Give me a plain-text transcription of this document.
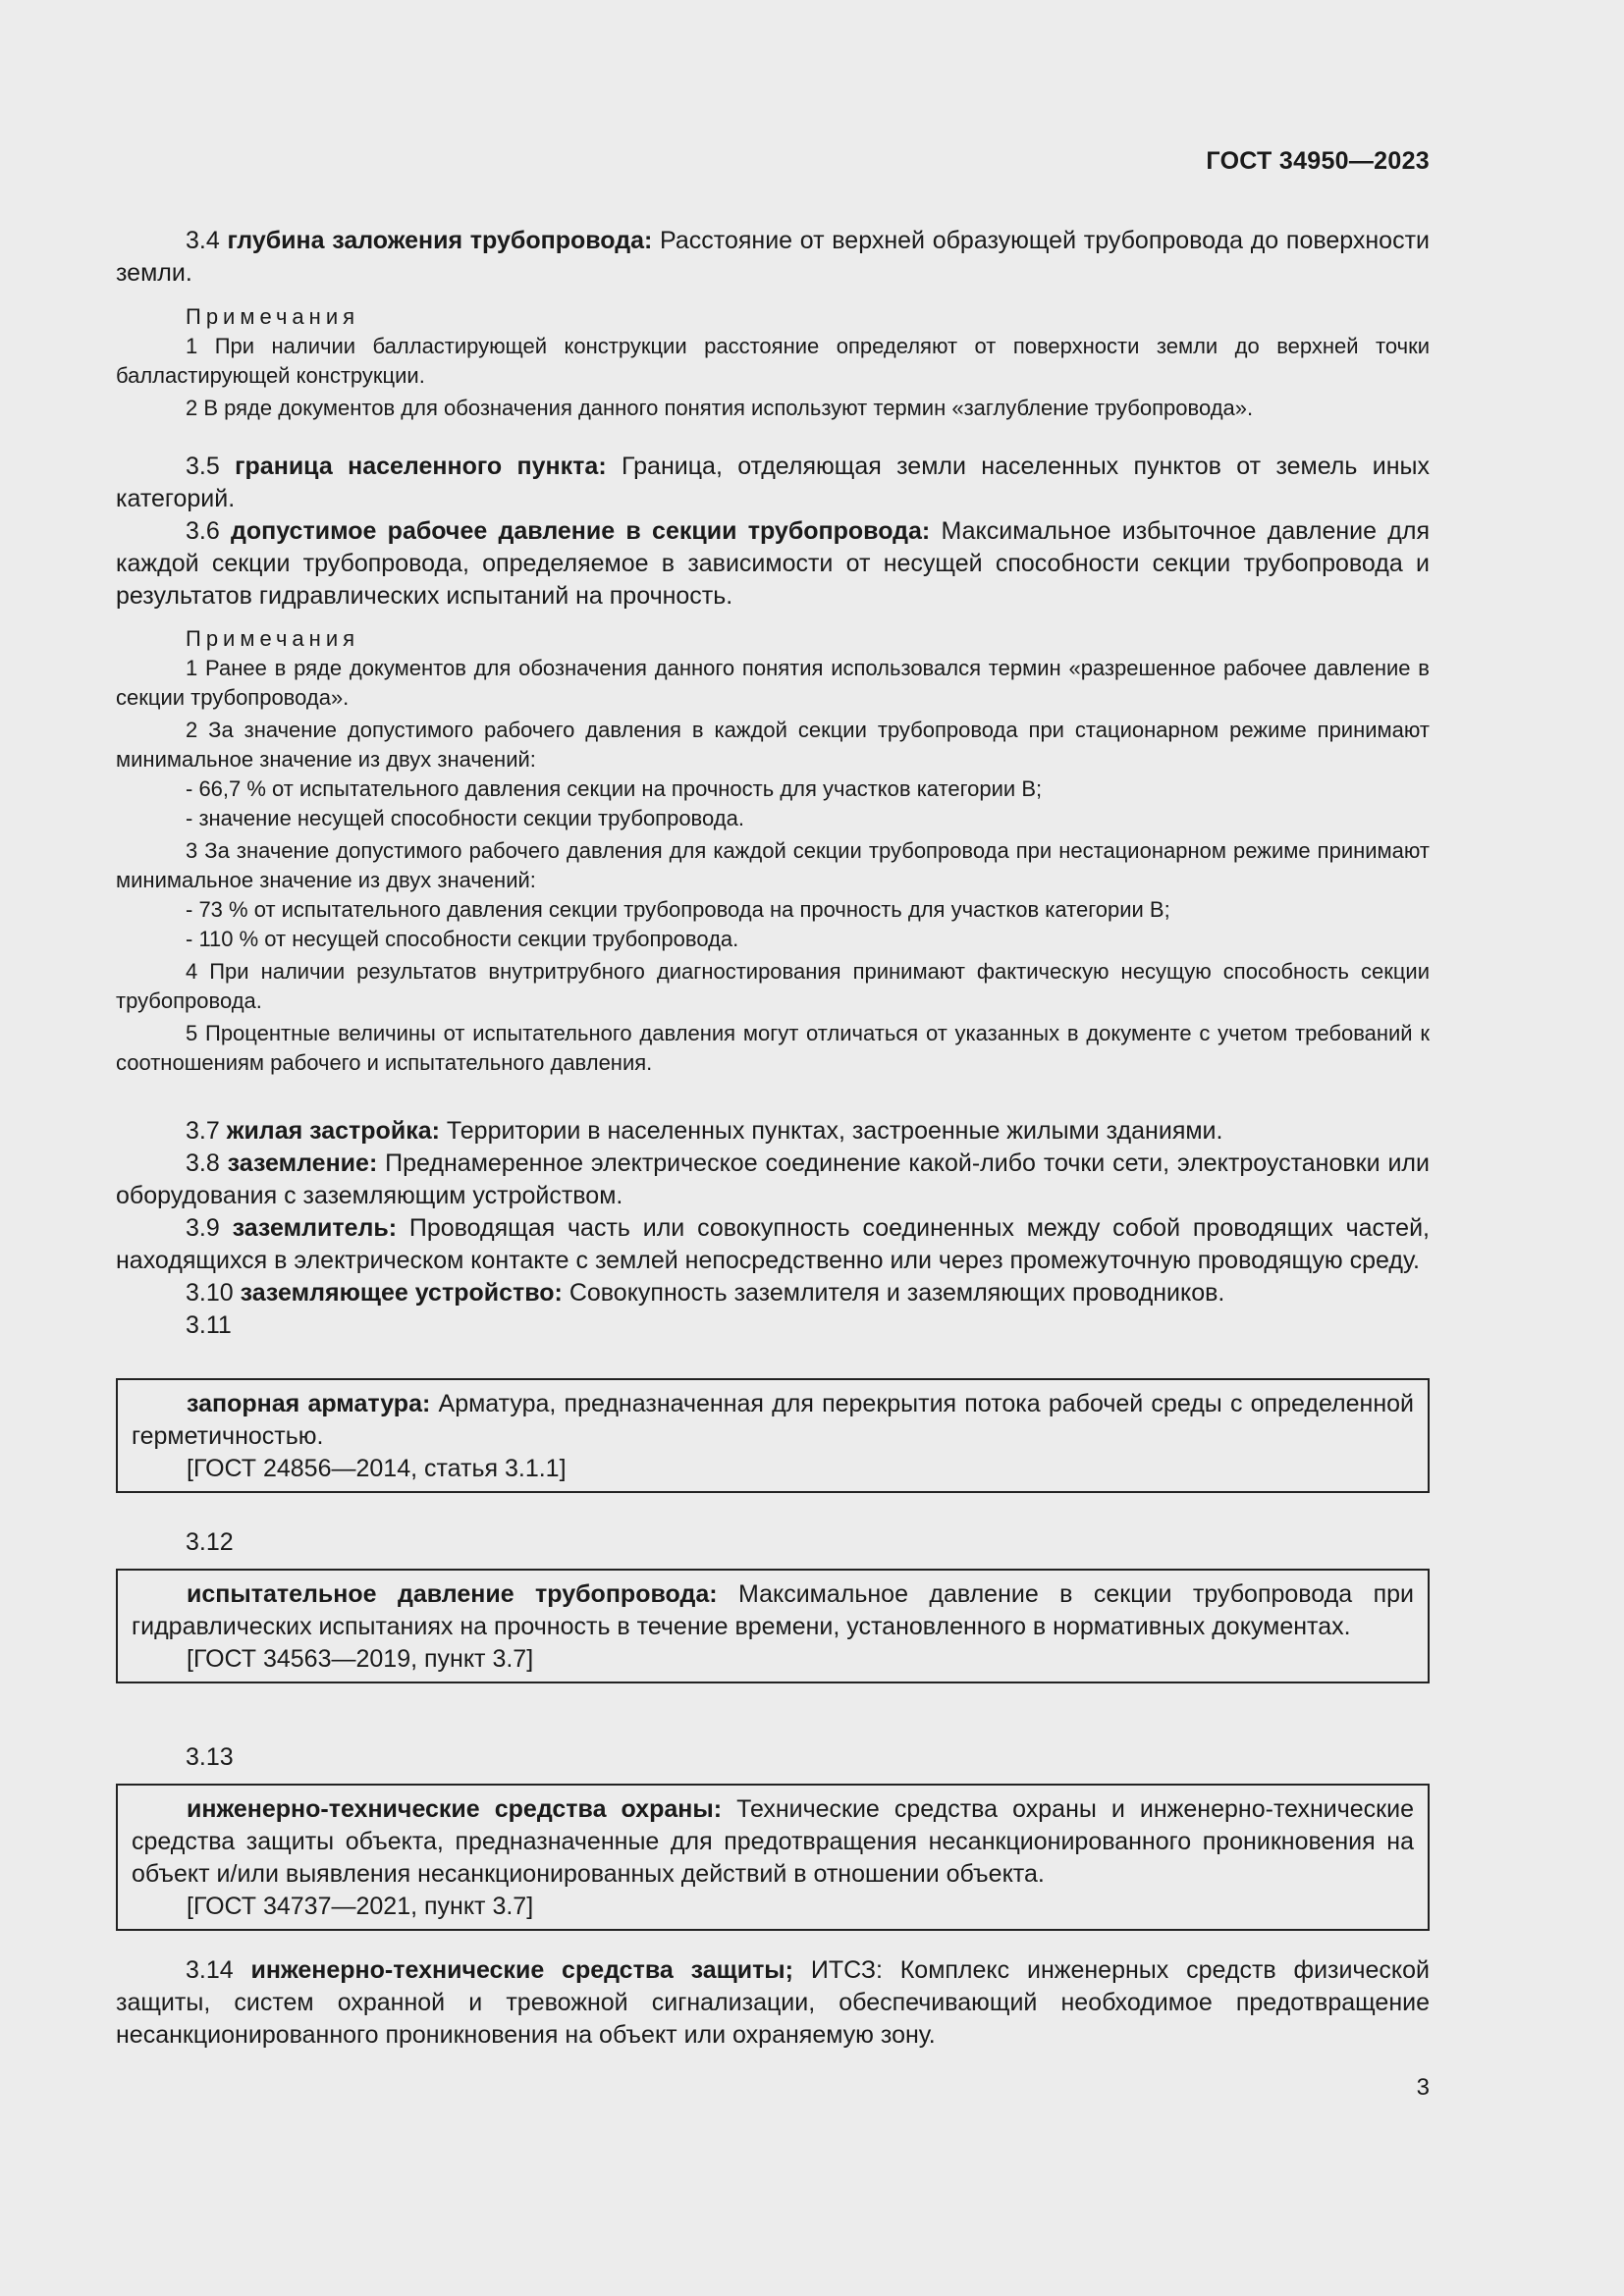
ГОСТ 34950—2023

3.4 глубина заложения трубопровода: Расстояние от верхней образующей трубопровода до поверхности земли.

Примечания

1 При наличии балластирующей конструкции расстояние определяют от поверхности земли до верхней точки балластирующей конструкции.

2 В ряде документов для обозначения данного понятия используют термин «заглубление трубопровода».

3.5 граница населенного пункта: Граница, отделяющая земли населенных пунктов от земель иных категорий.

3.6 допустимое рабочее давление в секции трубопровода: Максимальное избыточное давление для каждой секции трубопровода, определяемое в зависимости от несущей способности секции трубопровода и результатов гидравлических испытаний на прочность.

Примечания

1 Ранее в ряде документов для обозначения данного понятия использовался термин «разрешенное рабочее давление в секции трубопровода».

2 За значение допустимого рабочего давления в каждой секции трубопровода при стационарном режиме принимают минимальное значение из двух значений:

- 66,7 % от испытательного давления секции на прочность для участков категории В;

- значение несущей способности секции трубопровода.

3 За значение допустимого рабочего давления для каждой секции трубопровода при нестационарном режиме принимают минимальное значение из двух значений:

- 73 % от испытательного давления секции трубопровода на прочность для участков категории В;

- 110 % от несущей способности секции трубопровода.

4 При наличии результатов внутритрубного диагностирования принимают фактическую несущую способность секции трубопровода.

5 Процентные величины от испытательного давления могут отличаться от указанных в документе с учетом требований к соотношениям рабочего и испытательного давления.

3.7 жилая застройка: Территории в населенных пунктах, застроенные жилыми зданиями.

3.8 заземление: Преднамеренное электрическое соединение какой-либо точки сети, электроустановки или оборудования с заземляющим устройством.

3.9 заземлитель: Проводящая часть или совокупность соединенных между собой проводящих частей, находящихся в электрическом контакте с землей непосредственно или через промежуточную проводящую среду.

3.10 заземляющее устройство: Совокупность заземлителя и заземляющих проводников.

3.11

запорная арматура: Арматура, предназначенная для перекрытия потока рабочей среды с определенной герметичностью.

[ГОСТ 24856—2014, статья 3.1.1]

3.12

испытательное давление трубопровода: Максимальное давление в секции трубопровода при гидравлических испытаниях на прочность в течение времени, установленного в нормативных документах.

[ГОСТ 34563—2019, пункт 3.7]

3.13

инженерно-технические средства охраны: Технические средства охраны и инженерно-технические средства защиты объекта, предназначенные для предотвращения несанкционированного проникновения на объект и/или выявления несанкционированных действий в отношении объекта.

[ГОСТ 34737—2021, пункт 3.7]

3.14 инженерно-технические средства защиты; ИТСЗ: Комплекс инженерных средств физической защиты, систем охранной и тревожной сигнализации, обеспечивающий необходимое предотвращение несанкционированного проникновения на объект или охраняемую зону.

3
